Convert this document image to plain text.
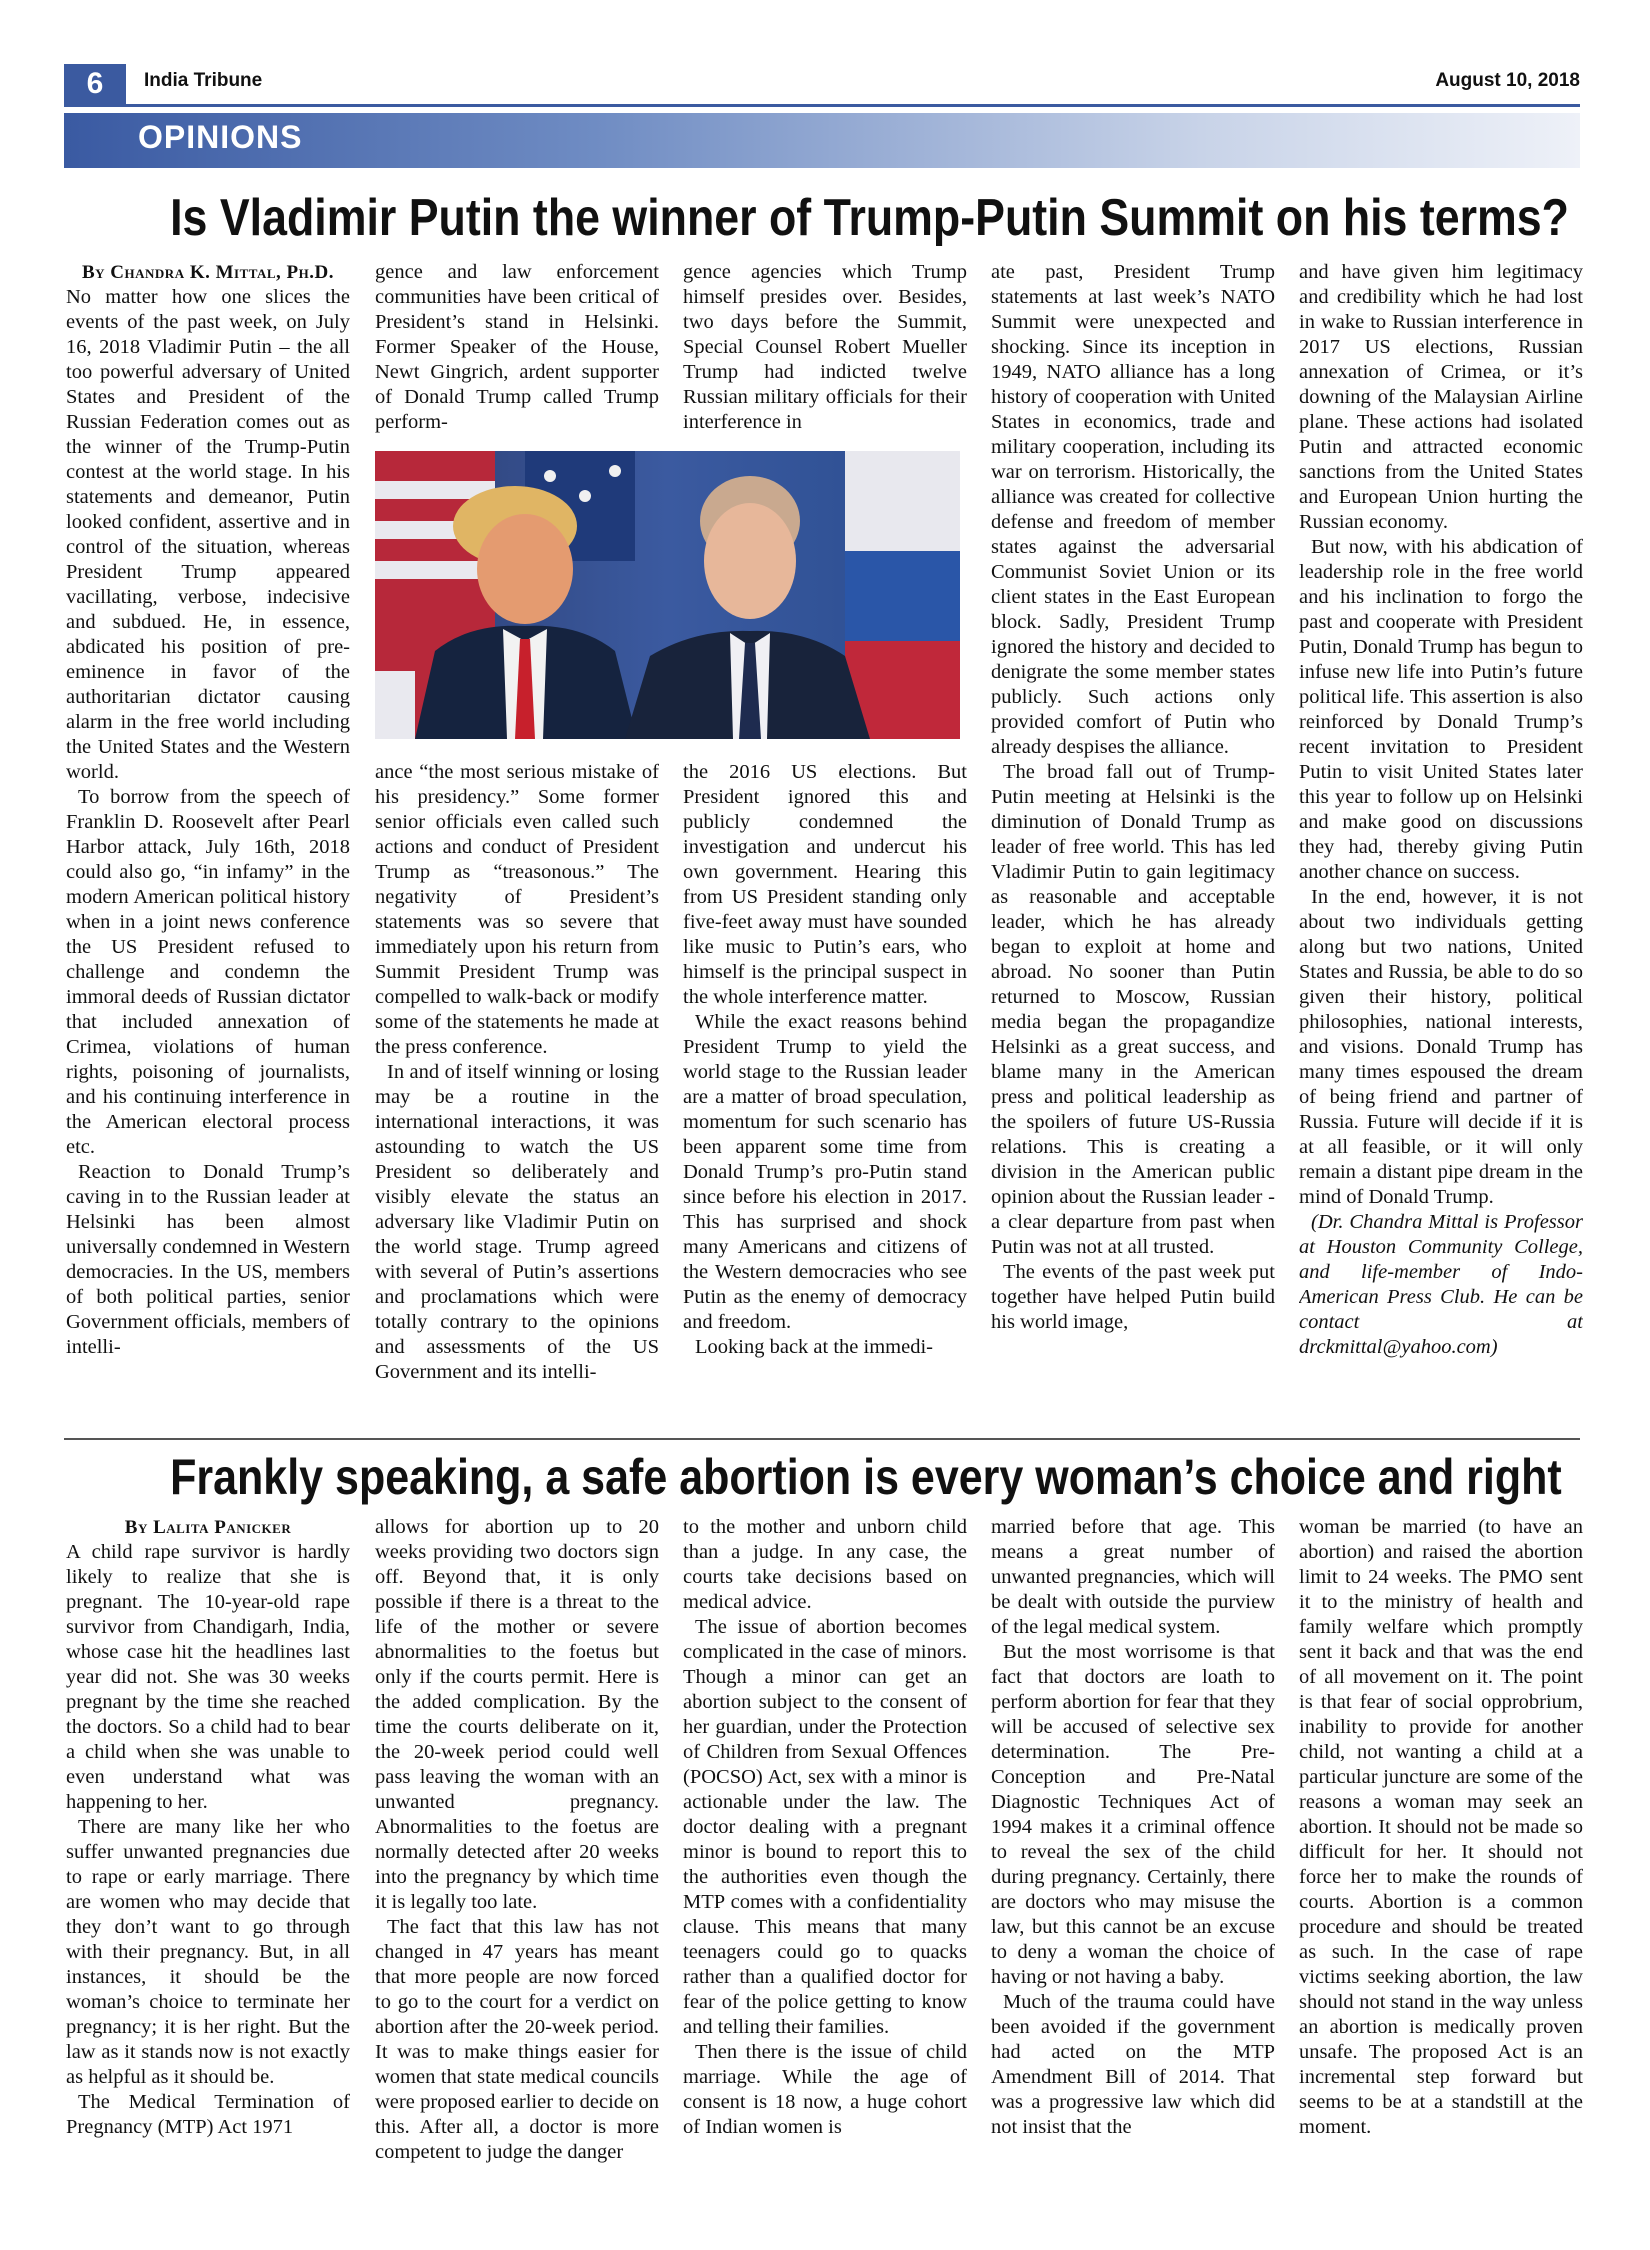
6	India Tribune	August 10, 2018
OPINIONS
Is Vladimir Putin the winner of Trump-Putin Summit on his terms?
By Chandra K. Mittal, Ph.D.

No matter how one slices the events of the past week, on July 16, 2018 Vladimir Putin – the all too powerful adversary of United States and President of the Russian Federation comes out as the winner of the Trump-Putin contest at the world stage. In his statements and demeanor, Putin looked confident, assertive and in control of the situation, whereas President Trump appeared vacillating, verbose, indecisive and subdued. He, in essence, abdicated his position of pre-eminence in favor of the authoritarian dictator causing alarm in the free world including the United States and the Western world.

To borrow from the speech of Franklin D. Roosevelt after Pearl Harbor attack, July 16th, 2018 could also go, “in infamy” in the modern American political history when in a joint news conference the US President refused to challenge and condemn the immoral deeds of Russian dictator that included annexation of Crimea, violations of human rights, poisoning of journalists, and his continuing interference in the American electoral process etc.

Reaction to Donald Trump’s caving in to the Russian leader at Helsinki has been almost universally condemned in Western democracies. In the US, members of both political parties, senior Government officials, members of intelli-

gence and law enforcement communities have been critical of President’s stand in Helsinki. Former Speaker of the House, Newt Gingrich, ardent supporter of Donald Trump called Trump perform-

gence agencies which Trump himself presides over. Besides, two days before the Summit, Special Counsel Robert Mueller Trump had indicted twelve Russian military officials for their interference in

ance “the most serious mistake of his presidency.” Some former senior officials even called such actions and conduct of President Trump as “treasonous.” The negativity of President’s statements was so severe that immediately upon his return from Summit President Trump was compelled to walk-back or modify some of the statements he made at the press conference.

In and of itself winning or losing may be a routine in the international interactions, it was astounding to watch the US President so deliberately and visibly elevate the status an adversary like Vladimir Putin on the world stage. Trump agreed with several of Putin’s assertions and proclamations which were totally contrary to the opinions and assessments of the US Government and its intelli-

the 2016 US elections. But President ignored this and publicly condemned the investigation and undercut his own government. Hearing this from US President standing only five-feet away must have sounded like music to Putin’s ears, who himself is the principal suspect in the whole interference matter.

While the exact reasons behind President Trump to yield the world stage to the Russian leader are a matter of broad speculation, momentum for such scenario has been apparent some time from Donald Trump’s pro-Putin stand since before his election in 2017. This has surprised and shock many Americans and citizens of the Western democracies who see Putin as the enemy of democracy and freedom.

Looking back at the immedi-

ate past, President Trump statements at last week’s NATO Summit were unexpected and shocking. Since its inception in 1949, NATO alliance has a long history of cooperation with United States in economics, trade and military cooperation, including its war on terrorism. Historically, the alliance was created for collective defense and freedom of member states against the adversarial Communist Soviet Union or its client states in the East European block. Sadly, President Trump ignored the history and decided to denigrate the some member states publicly. Such actions only provided comfort of Putin who already despises the alliance.

The broad fall out of Trump-Putin meeting at Helsinki is the diminution of Donald Trump as leader of free world. This has led Vladimir Putin to gain legitimacy as reasonable and acceptable leader, which he has already began to exploit at home and abroad. No sooner than Putin returned to Moscow, Russian media began the propagandize Helsinki as a great success, and blame many in the American press and political leadership as the spoilers of future US-Russia relations. This is creating a division in the American public opinion about the Russian leader - a clear departure from past when Putin was not at all trusted.

The events of the past week put together have helped Putin build his world image,

and have given him legitimacy and credibility which he had lost in wake to Russian interference in 2017 US elections, Russian annexation of Crimea, or it’s downing of the Malaysian Airline plane. These actions had isolated Putin and attracted economic sanctions from the United States and European Union hurting the Russian economy.

But now, with his abdication of leadership role in the free world and his inclination to forgo the past and cooperate with President Putin, Donald Trump has begun to infuse new life into Putin’s future political life. This assertion is also reinforced by Donald Trump’s recent invitation to President Putin to visit United States later this year to follow up on Helsinki and make good on discussions they had, thereby giving Putin another chance on success.

In the end, however, it is not about two individuals getting along but two nations, United States and Russia, be able to do so given their history, political philosophies, national interests, and visions. Donald Trump has many times espoused the dream of being friend and partner of Russia. Future will decide if it is at all feasible, or it will only remain a distant pipe dream in the mind of Donald Trump.

(Dr. Chandra Mittal is Professor at Houston Community College, and life-member of Indo-American Press Club. He can be contact at drckmittal@yahoo.com)

Frankly speaking, a safe abortion is every woman’s choice and right
By Lalita Panicker

A child rape survivor is hardly likely to realize that she is pregnant. The 10-year-old rape survivor from Chandigarh, India, whose case hit the headlines last year did not. She was 30 weeks pregnant by the time she reached the doctors. So a child had to bear a child when she was unable to even understand what was happening to her.

There are many like her who suffer unwanted pregnancies due to rape or early marriage. There are women who may decide that they don’t want to go through with their pregnancy. But, in all instances, it should be the woman’s choice to terminate her pregnancy; it is her right. But the law as it stands now is not exactly as helpful as it should be.

The Medical Termination of Pregnancy (MTP) Act 1971

allows for abortion up to 20 weeks providing two doctors sign off. Beyond that, it is only possible if there is a threat to the life of the mother or severe abnormalities to the foetus but only if the courts permit. Here is the added complication. By the time the courts deliberate on it, the 20-week period could well pass leaving the woman with an unwanted pregnancy. Abnormalities to the foetus are normally detected after 20 weeks into the pregnancy by which time it is legally too late.

The fact that this law has not changed in 47 years has meant that more people are now forced to go to the court for a verdict on abortion after the 20-week period. It was to make things easier for women that state medical councils were proposed earlier to decide on this. After all, a doctor is more competent to judge the danger

to the mother and unborn child than a judge. In any case, the courts take decisions based on medical advice.

The issue of abortion becomes complicated in the case of minors. Though a minor can get an abortion subject to the consent of her guardian, under the Protection of Children from Sexual Offences (POCSO) Act, sex with a minor is actionable under the law. The doctor dealing with a pregnant minor is bound to report this to the authorities even though the MTP comes with a confidentiality clause. This means that many teenagers could go to quacks rather than a qualified doctor for fear of the police getting to know and telling their families.

Then there is the issue of child marriage. While the age of consent is 18 now, a huge cohort of Indian women is

married before that age. This means a great number of unwanted pregnancies, which will be dealt with outside the purview of the legal medical system.

But the most worrisome is that fact that doctors are loath to perform abortion for fear that they will be accused of selective sex determination. The Pre-Conception and Pre-Natal Diagnostic Techniques Act of 1994 makes it a criminal offence to reveal the sex of the child during pregnancy. Certainly, there are doctors who may misuse the law, but this cannot be an excuse to deny a woman the choice of having or not having a baby.

Much of the trauma could have been avoided if the government had acted on the MTP Amendment Bill of 2014. That was a progressive law which did not insist that the

woman be married (to have an abortion) and raised the abortion limit to 24 weeks. The PMO sent it to the ministry of health and family welfare which promptly sent it back and that was the end of all movement on it. The point is that fear of social opprobrium, inability to provide for another child, not wanting a child at a particular juncture are some of the reasons a woman may seek an abortion. It should not be made so difficult for her. It should not force her to make the rounds of courts. Abortion is a common procedure and should be treated as such. In the case of rape victims seeking abortion, the law should not stand in the way unless an abortion is medically proven unsafe. The proposed Act is an incremental step forward but seems to be at a standstill at the moment.
